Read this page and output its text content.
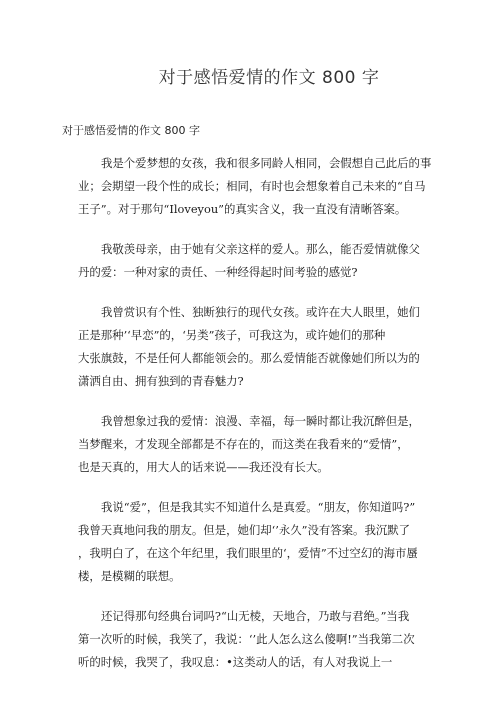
对于感悟爱情的作文 800 字
对于感悟爱情的作文 800 字
我是个爱梦想的女孩，我和很多同龄人相同，会假想自己此后的事
业；会期望一段个性的成长；相同，有时也会想象着自己未来的“自马
王子”。对于那句“Iloveyou”的真实含义，我一直没有清晰答案。
我敬羡母亲，由于她有父亲这样的爱人。那么，能否爱情就像父
丹的爱：一种对家的责任、一种经得起时间考验的感觉?
我曾赏识有个性、独断独行的现代女孩。或许在大人眼里，她们
正是那种’‘早恋”的，‘另类”孩子，可我这为，或许她们的那种
大张旗鼓，不是任何人都能领会的。那么爱情能否就像她们所以为的
潇洒自由、拥有独到的青春魅力?
我曾想象过我的爱情：浪漫、幸福，每一瞬时都让我沉醉但是，
当梦醒来，才发现全部都是不存在的，而这类在我看来的“爱情”，
也是天真的，用大人的话来说——我还没有长大。
我说“爱”，但是我其实不知道什么是真爱。“朋友，你知道吗?”
我曾天真地问我的朋友。但是，她们却‘’永久”没有答案。我沉默了
，我明白了，在这个年纪里，我们眼里的‘，爱情”不过空幻的海市蜃
楼，是模糊的联想。
还记得那句经典台词吗?“山无棱，天地合，乃敢与君绝。”当我
第一次听的时候，我笑了，我说：‘’此人怎么这么傻啊!”当我第二次
听的时候，我哭了，我叹息：•这类动人的话，有人对我说上一
